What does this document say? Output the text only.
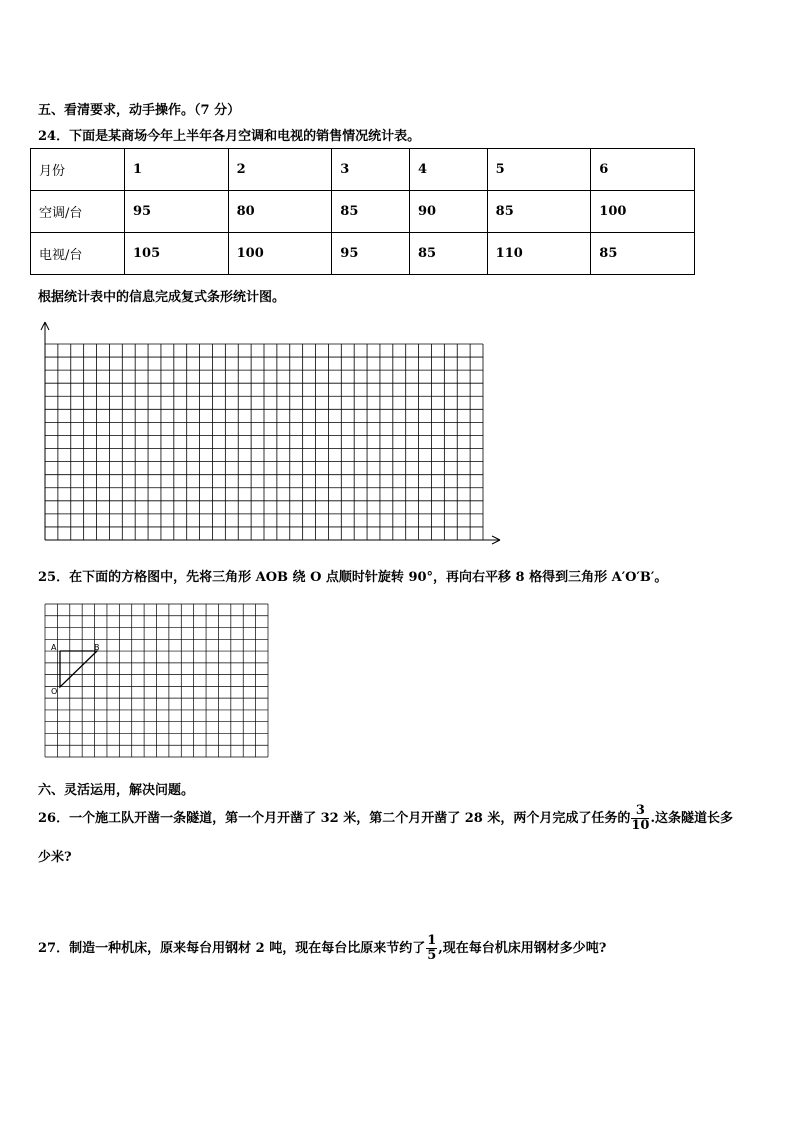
五、看清要求，动手操作。（7 分）
24．下面是某商场今年上半年各月空调和电视的销售情况统计表。
月份	1	2	3	4	5	6
空调/台	95	80	85	90	85	100
电视/台	105	100	95	85	110	85
根据统计表中的信息完成复式条形统计图。
25．在下面的方格图中，先将三角形 AOB 绕 O 点顺时针旋转 90°，再向右平移 8 格得到三角形 A′O′B′。
A	B
O
六、灵活运用，解决问题。
26．一个施工队开凿一条隧道，第一个月开凿了 32 米，第二个月开凿了 28 米，两个月完成了任务的 $\frac{3}{10}$ .这条隧道长多
少米?
27．制造一种机床，原来每台用钢材 2 吨，现在每台比原来节约了 $\frac{1}{5}$ ,现在每台机床用钢材多少吨?
